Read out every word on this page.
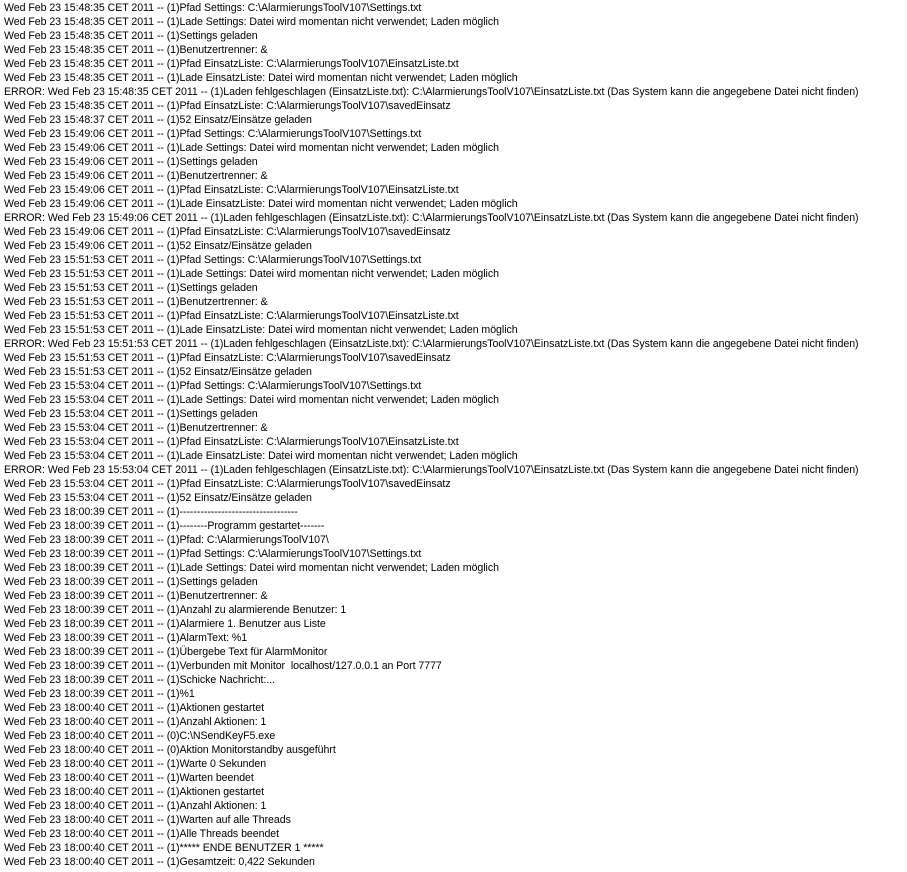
Wed Feb 23 15:48:35 CET 2011 -- (1)Pfad Settings: C:\AlarmierungsToolV107\Settings.txt
Wed Feb 23 15:48:35 CET 2011 -- (1)Lade Settings: Datei wird momentan nicht verwendet; Laden möglich
Wed Feb 23 15:48:35 CET 2011 -- (1)Settings geladen
Wed Feb 23 15:48:35 CET 2011 -- (1)Benutzertrenner: &
Wed Feb 23 15:48:35 CET 2011 -- (1)Pfad EinsatzListe: C:\AlarmierungsToolV107\EinsatzListe.txt
Wed Feb 23 15:48:35 CET 2011 -- (1)Lade EinsatzListe: Datei wird momentan nicht verwendet; Laden möglich
ERROR: Wed Feb 23 15:48:35 CET 2011 -- (1)Laden fehlgeschlagen (EinsatzListe.txt): C:\AlarmierungsToolV107\EinsatzListe.txt (Das System kann die angegebene Datei nicht finden)
Wed Feb 23 15:48:35 CET 2011 -- (1)Pfad EinsatzListe: C:\AlarmierungsToolV107\savedEinsatz
Wed Feb 23 15:48:37 CET 2011 -- (1)52 Einsatz/Einsätze geladen
Wed Feb 23 15:49:06 CET 2011 -- (1)Pfad Settings: C:\AlarmierungsToolV107\Settings.txt
Wed Feb 23 15:49:06 CET 2011 -- (1)Lade Settings: Datei wird momentan nicht verwendet; Laden möglich
Wed Feb 23 15:49:06 CET 2011 -- (1)Settings geladen
Wed Feb 23 15:49:06 CET 2011 -- (1)Benutzertrenner: &
Wed Feb 23 15:49:06 CET 2011 -- (1)Pfad EinsatzListe: C:\AlarmierungsToolV107\EinsatzListe.txt
Wed Feb 23 15:49:06 CET 2011 -- (1)Lade EinsatzListe: Datei wird momentan nicht verwendet; Laden möglich
ERROR: Wed Feb 23 15:49:06 CET 2011 -- (1)Laden fehlgeschlagen (EinsatzListe.txt): C:\AlarmierungsToolV107\EinsatzListe.txt (Das System kann die angegebene Datei nicht finden)
Wed Feb 23 15:49:06 CET 2011 -- (1)Pfad EinsatzListe: C:\AlarmierungsToolV107\savedEinsatz
Wed Feb 23 15:49:06 CET 2011 -- (1)52 Einsatz/Einsätze geladen
Wed Feb 23 15:51:53 CET 2011 -- (1)Pfad Settings: C:\AlarmierungsToolV107\Settings.txt
Wed Feb 23 15:51:53 CET 2011 -- (1)Lade Settings: Datei wird momentan nicht verwendet; Laden möglich
Wed Feb 23 15:51:53 CET 2011 -- (1)Settings geladen
Wed Feb 23 15:51:53 CET 2011 -- (1)Benutzertrenner: &
Wed Feb 23 15:51:53 CET 2011 -- (1)Pfad EinsatzListe: C:\AlarmierungsToolV107\EinsatzListe.txt
Wed Feb 23 15:51:53 CET 2011 -- (1)Lade EinsatzListe: Datei wird momentan nicht verwendet; Laden möglich
ERROR: Wed Feb 23 15:51:53 CET 2011 -- (1)Laden fehlgeschlagen (EinsatzListe.txt): C:\AlarmierungsToolV107\EinsatzListe.txt (Das System kann die angegebene Datei nicht finden)
Wed Feb 23 15:51:53 CET 2011 -- (1)Pfad EinsatzListe: C:\AlarmierungsToolV107\savedEinsatz
Wed Feb 23 15:51:53 CET 2011 -- (1)52 Einsatz/Einsätze geladen
Wed Feb 23 15:53:04 CET 2011 -- (1)Pfad Settings: C:\AlarmierungsToolV107\Settings.txt
Wed Feb 23 15:53:04 CET 2011 -- (1)Lade Settings: Datei wird momentan nicht verwendet; Laden möglich
Wed Feb 23 15:53:04 CET 2011 -- (1)Settings geladen
Wed Feb 23 15:53:04 CET 2011 -- (1)Benutzertrenner: &
Wed Feb 23 15:53:04 CET 2011 -- (1)Pfad EinsatzListe: C:\AlarmierungsToolV107\EinsatzListe.txt
Wed Feb 23 15:53:04 CET 2011 -- (1)Lade EinsatzListe: Datei wird momentan nicht verwendet; Laden möglich
ERROR: Wed Feb 23 15:53:04 CET 2011 -- (1)Laden fehlgeschlagen (EinsatzListe.txt): C:\AlarmierungsToolV107\EinsatzListe.txt (Das System kann die angegebene Datei nicht finden)
Wed Feb 23 15:53:04 CET 2011 -- (1)Pfad EinsatzListe: C:\AlarmierungsToolV107\savedEinsatz
Wed Feb 23 15:53:04 CET 2011 -- (1)52 Einsatz/Einsätze geladen
Wed Feb 23 18:00:39 CET 2011 -- (1)----------------------------------
Wed Feb 23 18:00:39 CET 2011 -- (1)--------Programm gestartet-------
Wed Feb 23 18:00:39 CET 2011 -- (1)Pfad: C:\AlarmierungsToolV107\
Wed Feb 23 18:00:39 CET 2011 -- (1)Pfad Settings: C:\AlarmierungsToolV107\Settings.txt
Wed Feb 23 18:00:39 CET 2011 -- (1)Lade Settings: Datei wird momentan nicht verwendet; Laden möglich
Wed Feb 23 18:00:39 CET 2011 -- (1)Settings geladen
Wed Feb 23 18:00:39 CET 2011 -- (1)Benutzertrenner: &
Wed Feb 23 18:00:39 CET 2011 -- (1)Anzahl zu alarmierende Benutzer: 1
Wed Feb 23 18:00:39 CET 2011 -- (1)Alarmiere 1. Benutzer aus Liste
Wed Feb 23 18:00:39 CET 2011 -- (1)AlarmText: %1
Wed Feb 23 18:00:39 CET 2011 -- (1)Übergebe Text für AlarmMonitor
Wed Feb 23 18:00:39 CET 2011 -- (1)Verbunden mit Monitor  localhost/127.0.0.1 an Port 7777
Wed Feb 23 18:00:39 CET 2011 -- (1)Schicke Nachricht:...
Wed Feb 23 18:00:39 CET 2011 -- (1)%1
Wed Feb 23 18:00:40 CET 2011 -- (1)Aktionen gestartet
Wed Feb 23 18:00:40 CET 2011 -- (1)Anzahl Aktionen: 1
Wed Feb 23 18:00:40 CET 2011 -- (0)C:\NSendKeyF5.exe
Wed Feb 23 18:00:40 CET 2011 -- (0)Aktion Monitorstandby ausgeführt
Wed Feb 23 18:00:40 CET 2011 -- (1)Warte 0 Sekunden
Wed Feb 23 18:00:40 CET 2011 -- (1)Warten beendet
Wed Feb 23 18:00:40 CET 2011 -- (1)Aktionen gestartet
Wed Feb 23 18:00:40 CET 2011 -- (1)Anzahl Aktionen: 1
Wed Feb 23 18:00:40 CET 2011 -- (1)Warten auf alle Threads
Wed Feb 23 18:00:40 CET 2011 -- (1)Alle Threads beendet
Wed Feb 23 18:00:40 CET 2011 -- (1)***** ENDE BENUTZER 1 *****
Wed Feb 23 18:00:40 CET 2011 -- (1)Gesamtzeit: 0,422 Sekunden
